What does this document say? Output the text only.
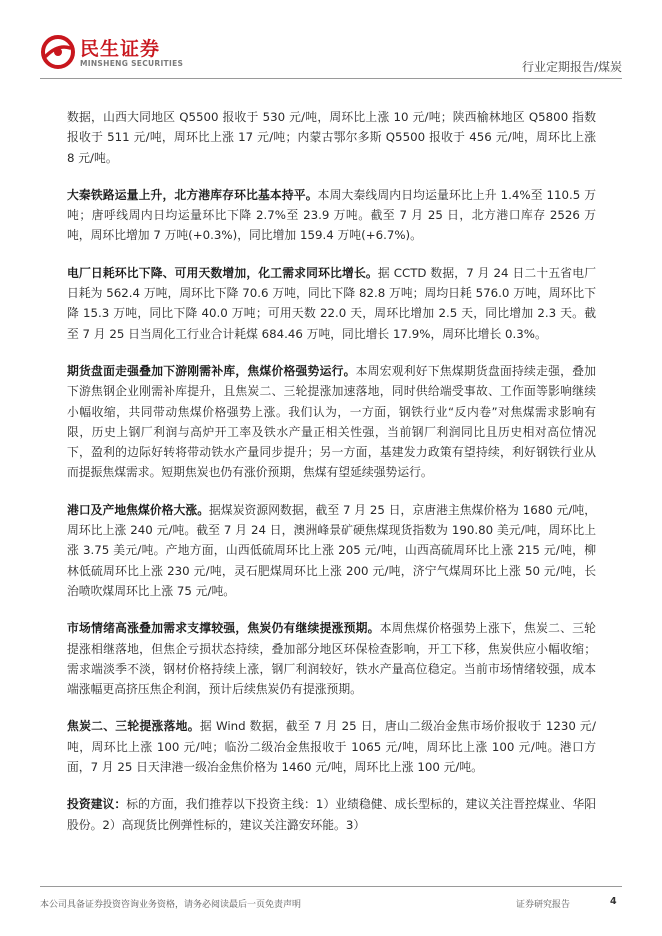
民生证券
MINSHENG SECURITIES	行业定期报告/煤炭

数据，山西大同地区 Q5500 报收于 530 元/吨，周环比上涨 10 元/吨；陕西榆林地区 Q5800 指数报收于 511 元/吨，周环比上涨 17 元/吨；内蒙古鄂尔多斯 Q5500 报收于 456 元/吨，周环比上涨 8 元/吨。

大秦铁路运量上升，北方港库存环比基本持平。本周大秦线周内日均运量环比上升 1.4%至 110.5 万吨；唐呼线周内日均运量环比下降 2.7%至 23.9 万吨。截至 7 月 25 日，北方港口库存 2526 万吨，周环比增加 7 万吨(+0.3%)，同比增加 159.4 万吨(+6.7%)。

电厂日耗环比下降、可用天数增加，化工需求同环比增长。据 CCTD 数据，7 月 24 日二十五省电厂日耗为 562.4 万吨，周环比下降 70.6 万吨，同比下降 82.8 万吨；周均日耗 576.0 万吨，周环比下降 15.3 万吨，同比下降 40.0 万吨；可用天数 22.0 天，周环比增加 2.5 天，同比增加 2.3 天。截至 7 月 25 日当周化工行业合计耗煤 684.46 万吨，同比增长 17.9%，周环比增长 0.3%。

期货盘面走强叠加下游刚需补库，焦煤价格强势运行。本周宏观利好下焦煤期货盘面持续走强，叠加下游焦钢企业刚需补库提升，且焦炭二、三轮提涨加速落地，同时供给端受事故、工作面等影响继续小幅收缩，共同带动焦煤价格强势上涨。我们认为，一方面，钢铁行业“反内卷”对焦煤需求影响有限，历史上钢厂利润与高炉开工率及铁水产量正相关性强，当前钢厂利润同比且历史相对高位情况下，盈利的边际好转将带动铁水产量同步提升；另一方面，基建发力政策有望持续，利好钢铁行业从而提振焦煤需求。短期焦炭也仍有涨价预期，焦煤有望延续强势运行。

港口及产地焦煤价格大涨。据煤炭资源网数据，截至 7 月 25 日，京唐港主焦煤价格为 1680 元/吨，周环比上涨 240 元/吨。截至 7 月 24 日，澳洲峰景矿硬焦煤现货指数为 190.80 美元/吨，周环比上涨 3.75 美元/吨。产地方面，山西低硫周环比上涨 205 元/吨，山西高硫周环比上涨 215 元/吨，柳林低硫周环比上涨 230 元/吨，灵石肥煤周环比上涨 200 元/吨，济宁气煤周环比上涨 50 元/吨，长治喷吹煤周环比上涨 75 元/吨。

市场情绪高涨叠加需求支撑较强，焦炭仍有继续提涨预期。本周焦煤价格强势上涨下，焦炭二、三轮提涨相继落地，但焦企亏损状态持续，叠加部分地区环保检查影响，开工下移，焦炭供应小幅收缩；需求端淡季不淡，钢材价格持续上涨，钢厂利润较好，铁水产量高位稳定。当前市场情绪较强，成本端涨幅更高挤压焦企利润，预计后续焦炭仍有提涨预期。

焦炭二、三轮提涨落地。据 Wind 数据，截至 7 月 25 日，唐山二级冶金焦市场价报收于 1230 元/吨，周环比上涨 100 元/吨；临汾二级冶金焦报收于 1065 元/吨，周环比上涨 100 元/吨。港口方面，7 月 25 日天津港一级冶金焦价格为 1460 元/吨，周环比上涨 100 元/吨。

投资建议：标的方面，我们推荐以下投资主线：1）业绩稳健、成长型标的，建议关注晋控煤业、华阳股份。2）高现货比例弹性标的，建议关注潞安环能。3）

本公司具备证券投资咨询业务资格，请务必阅读最后一页免责声明	证券研究报告	4
